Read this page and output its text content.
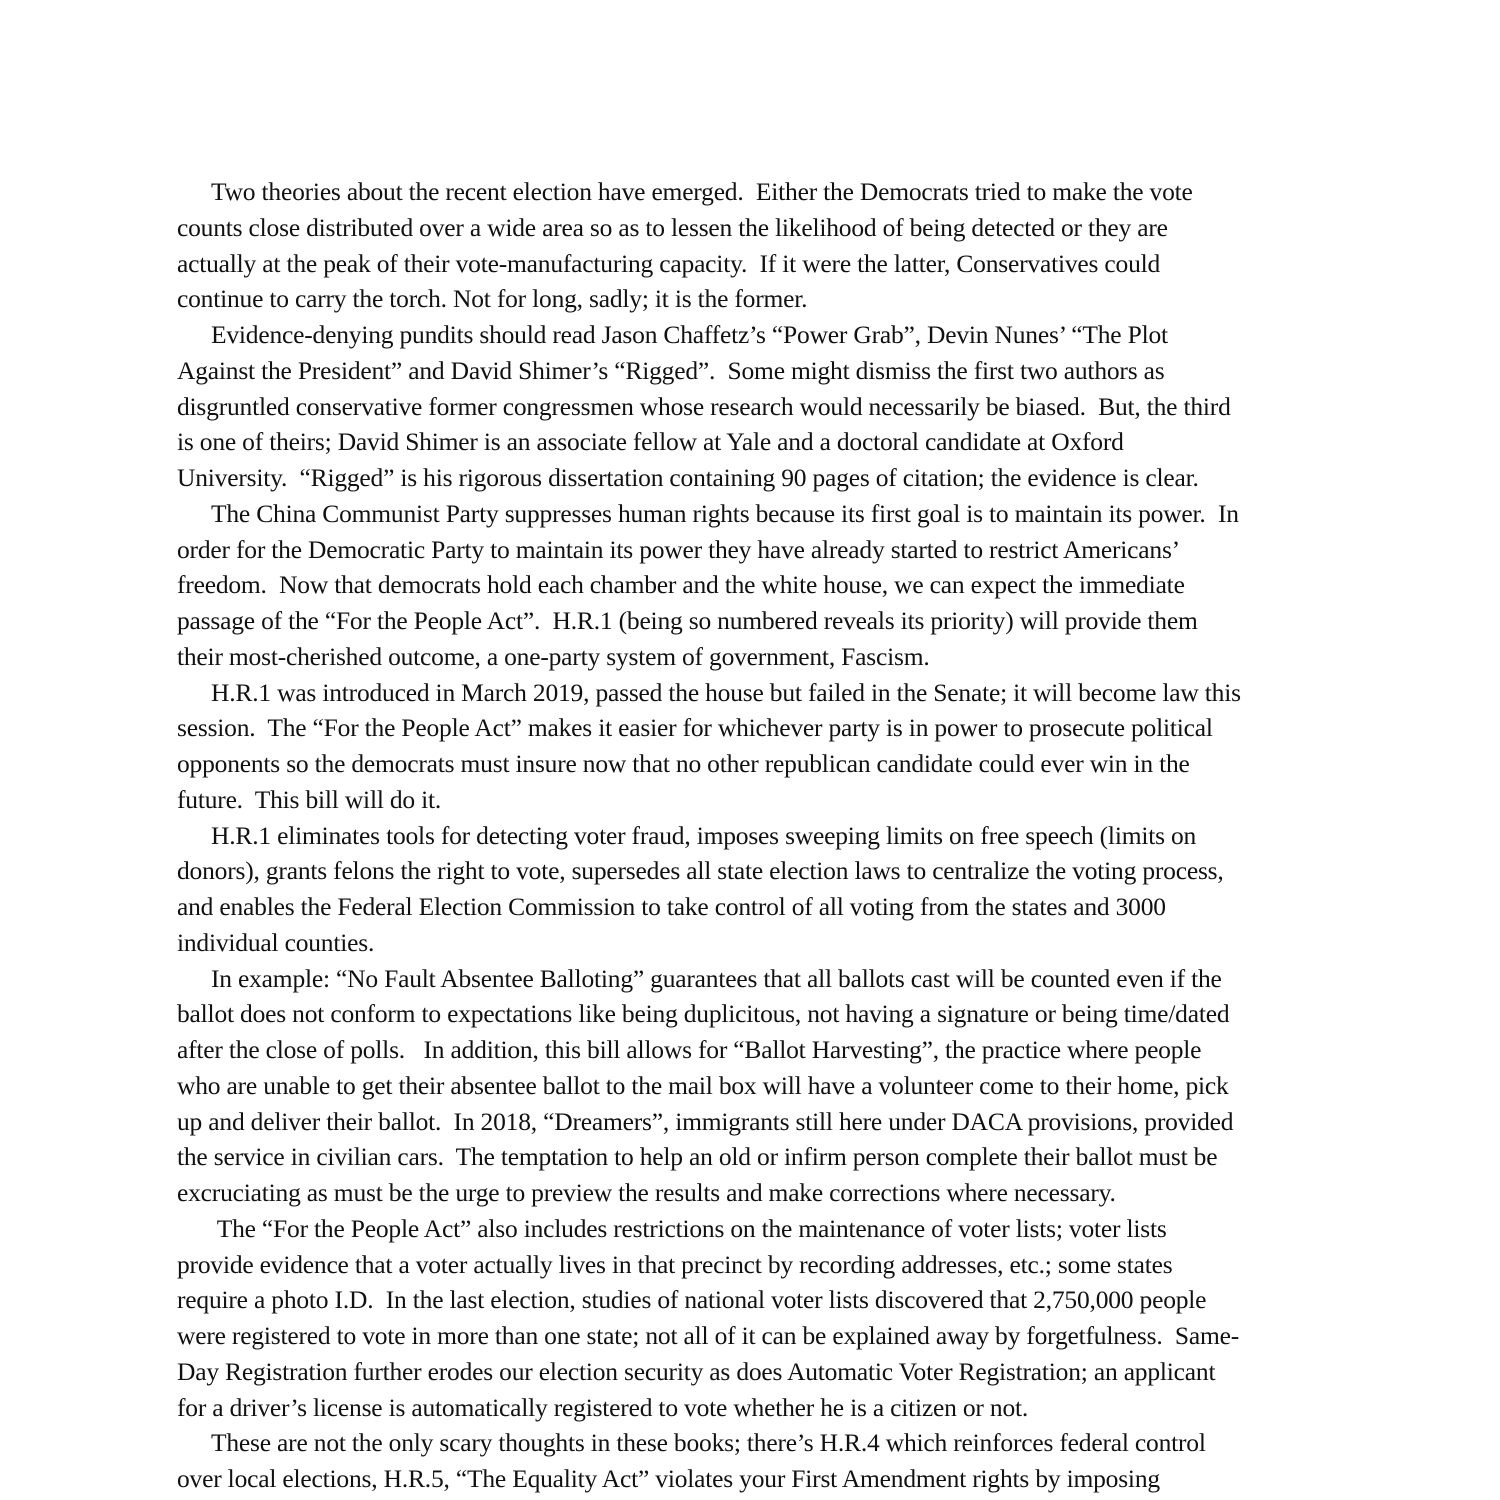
Two theories about the recent election have emerged.  Either the Democrats tried to make the vote
counts close distributed over a wide area so as to lessen the likelihood of being detected or they are
actually at the peak of their vote-manufacturing capacity.  If it were the latter, Conservatives could
continue to carry the torch. Not for long, sadly; it is the former.
Evidence-denying pundits should read Jason Chaffetz’s “Power Grab”, Devin Nunes’ “The Plot
Against the President” and David Shimer’s “Rigged”.  Some might dismiss the first two authors as
disgruntled conservative former congressmen whose research would necessarily be biased.  But, the third
is one of theirs; David Shimer is an associate fellow at Yale and a doctoral candidate at Oxford
University.  “Rigged” is his rigorous dissertation containing 90 pages of citation; the evidence is clear.
The China Communist Party suppresses human rights because its first goal is to maintain its power.  In
order for the Democratic Party to maintain its power they have already started to restrict Americans’
freedom.  Now that democrats hold each chamber and the white house, we can expect the immediate
passage of the “For the People Act”.  H.R.1 (being so numbered reveals its priority) will provide them
their most-cherished outcome, a one-party system of government, Fascism.
H.R.1 was introduced in March 2019, passed the house but failed in the Senate; it will become law this
session.  The “For the People Act” makes it easier for whichever party is in power to prosecute political
opponents so the democrats must insure now that no other republican candidate could ever win in the
future.  This bill will do it.
H.R.1 eliminates tools for detecting voter fraud, imposes sweeping limits on free speech (limits on
donors), grants felons the right to vote, supersedes all state election laws to centralize the voting process,
and enables the Federal Election Commission to take control of all voting from the states and 3000
individual counties.
In example: “No Fault Absentee Balloting” guarantees that all ballots cast will be counted even if the
ballot does not conform to expectations like being duplicitous, not having a signature or being time/dated
after the close of polls.   In addition, this bill allows for “Ballot Harvesting”, the practice where people
who are unable to get their absentee ballot to the mail box will have a volunteer come to their home, pick
up and deliver their ballot.  In 2018, “Dreamers”, immigrants still here under DACA provisions, provided
the service in civilian cars.  The temptation to help an old or infirm person complete their ballot must be
excruciating as must be the urge to preview the results and make corrections where necessary.
The “For the People Act” also includes restrictions on the maintenance of voter lists; voter lists
provide evidence that a voter actually lives in that precinct by recording addresses, etc.; some states
require a photo I.D.  In the last election, studies of national voter lists discovered that 2,750,000 people
were registered to vote in more than one state; not all of it can be explained away by forgetfulness.  Same-
Day Registration further erodes our election security as does Automatic Voter Registration; an applicant
for a driver’s license is automatically registered to vote whether he is a citizen or not.
These are not the only scary thoughts in these books; there’s H.R.4 which reinforces federal control
over local elections, H.R.5, “The Equality Act” violates your First Amendment rights by imposing
